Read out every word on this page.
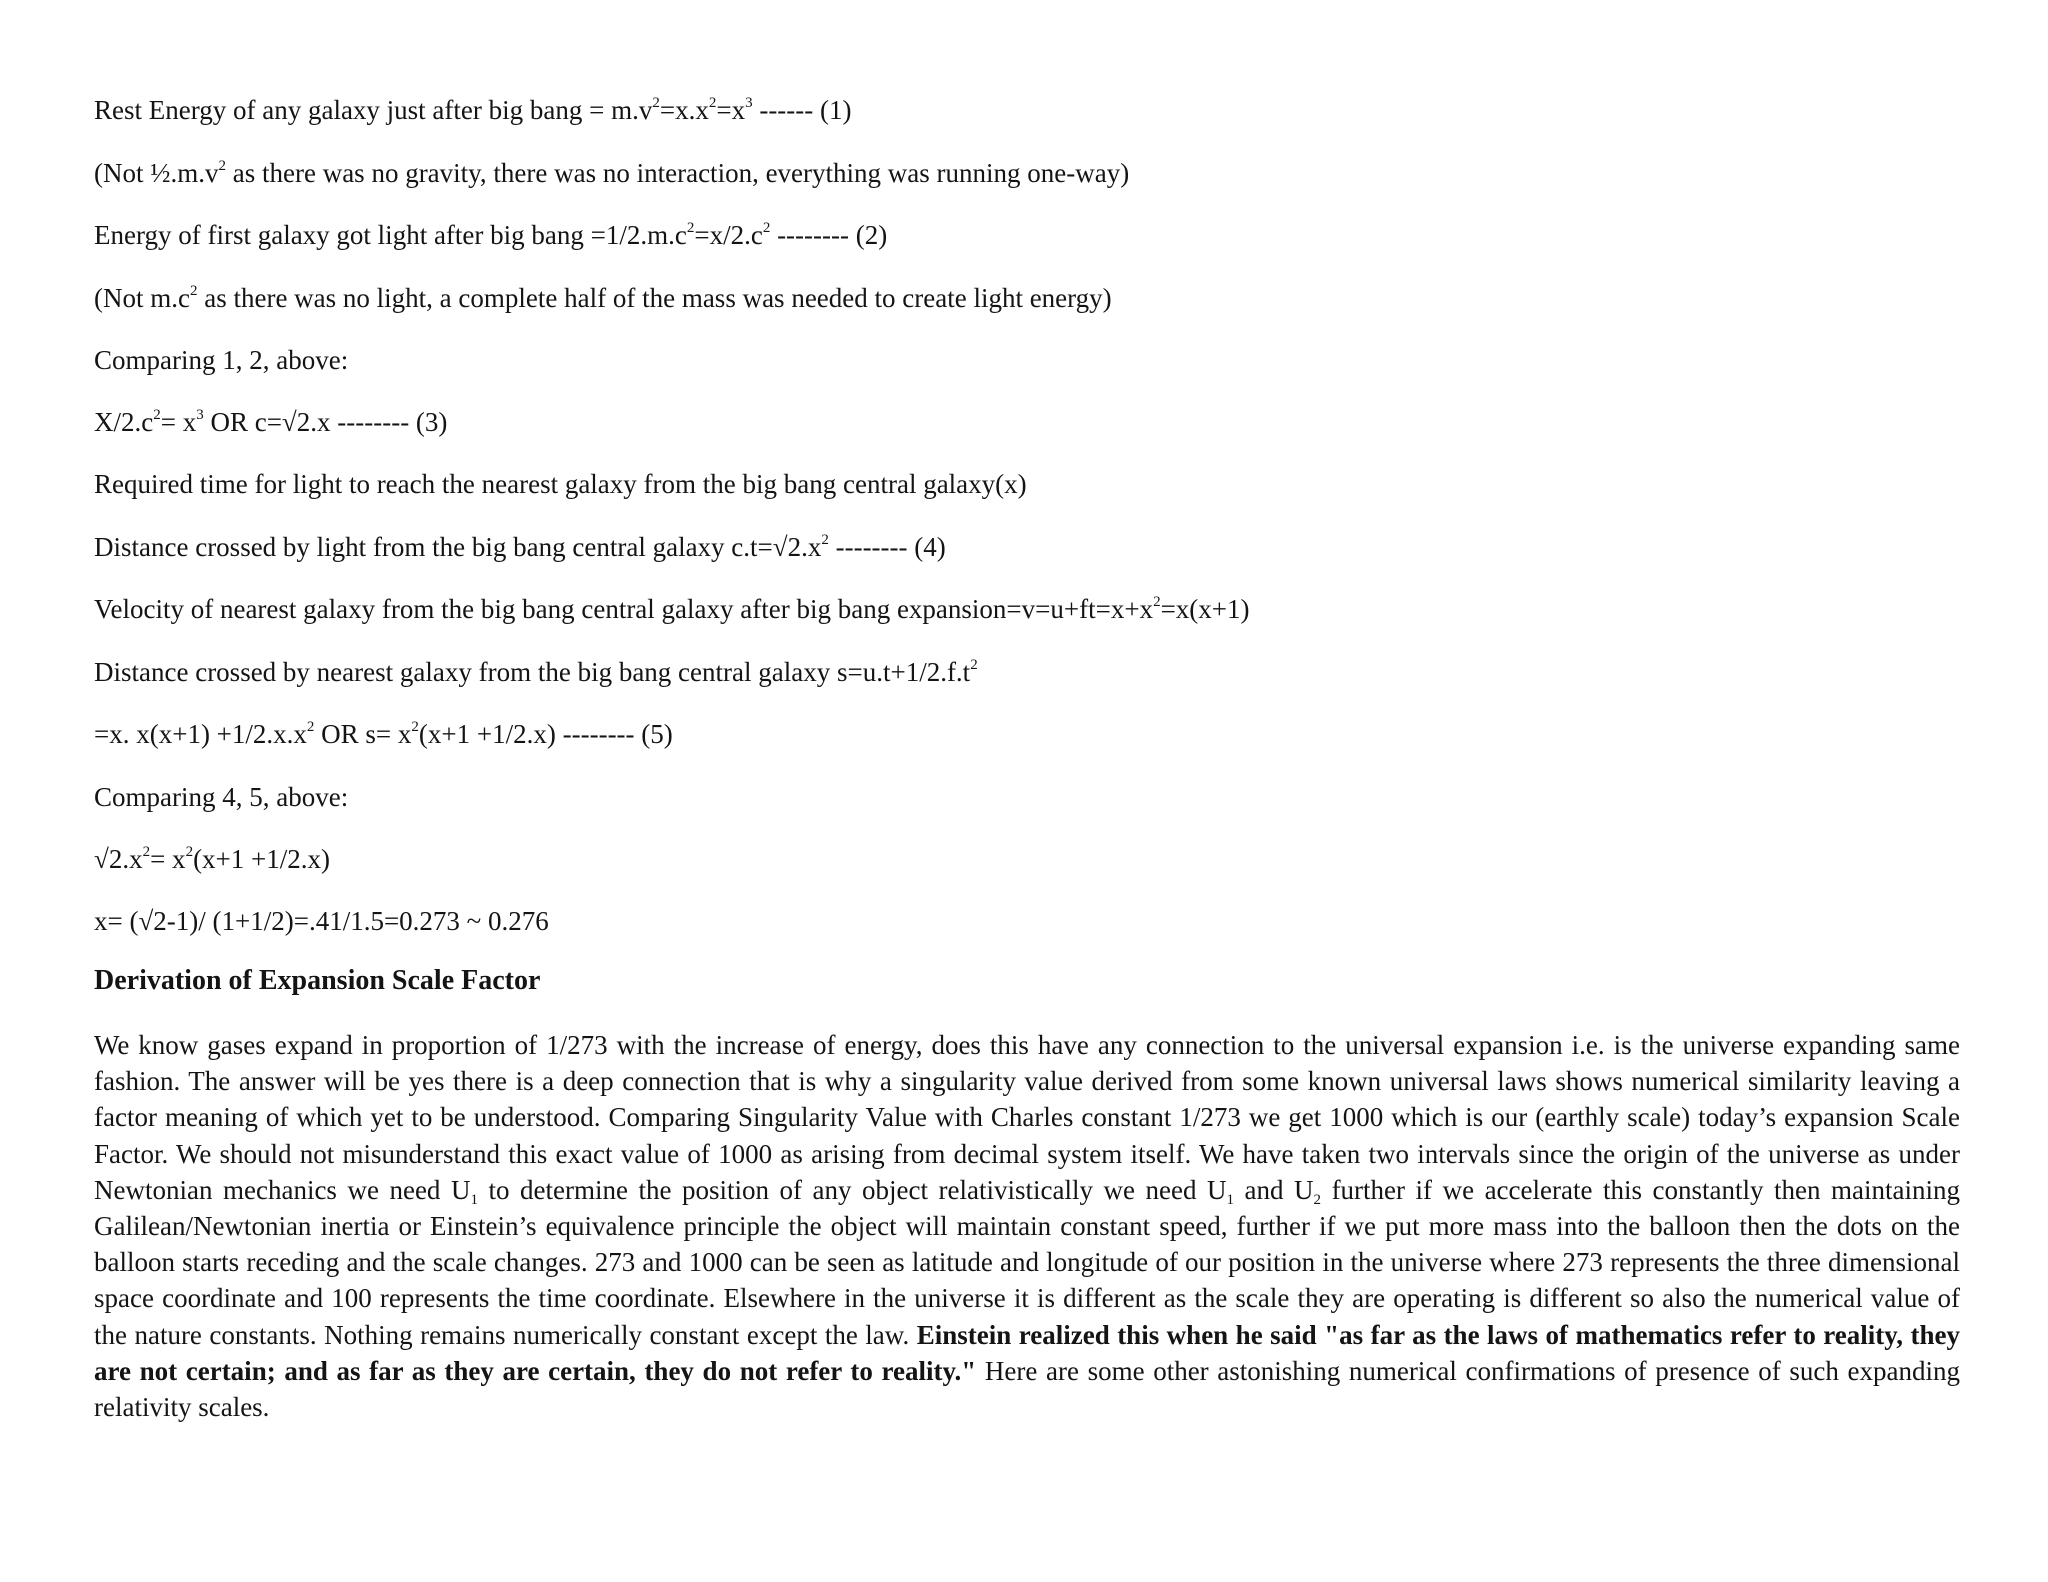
Rest Energy of any galaxy just after big bang = $m.v^2=x.x^2=x^3$ ------ (1)
(Not $\frac{1}{2}.m.v^2$ as there was no gravity, there was no interaction, everything was running one-way)
Energy of first galaxy got light after big bang $=1/2.m.c^2=x/2.c^2$ -------- (2)
(Not $m.c^2$ as there was no light, a complete half of the mass was needed to create light energy)
Comparing 1, 2, above:
$X/2.c^2= x^3$ OR c=√2.x -------- (3)
Required time for light to reach the nearest galaxy from the big bang central galaxy(x)
Distance crossed by light from the big bang central galaxy $c.t=√2.x^2$ -------- (4)
Velocity of nearest galaxy from the big bang central galaxy after big bang $expansion=v=u+ft=x+x^2=x(x+1)$
Distance crossed by nearest galaxy from the big bang central galaxy $s=u.t+1/2.f.t^2$
=x. $x(x+1) +1/2.x.x^2$ OR $s= x^2(x+1 +1/2.x)$ -------- (5)
Comparing 4, 5, above:
$√2.x^2= x^2(x+1 +1/2.x)$
x= (√2-1)/ (1+1/2)=.41/1.5=0.273 ~ 0.276
Derivation of Expansion Scale Factor
We know gases expand in proportion of 1/273 with the increase of energy, does this have any connection to the universal expansion i.e. is the universe expanding same fashion. The answer will be yes there is a deep connection that is why a singularity value derived from some known universal laws shows numerical similarity leaving a factor meaning of which yet to be understood. Comparing Singularity Value with Charles constant 1/273 we get 1000 which is our (earthly scale) today’s expansion Scale Factor. We should not misunderstand this exact value of 1000 as arising from decimal system itself. We have taken two intervals since the origin of the universe as under Newtonian mechanics we need $U_1$ to determine the position of any object relativistically we need $U_1$ and $U_2$ further if we accelerate this constantly then maintaining Galilean/Newtonian inertia or Einstein’s equivalence principle the object will maintain constant speed, further if we put more mass into the balloon then the dots on the balloon starts receding and the scale changes. 273 and 1000 can be seen as latitude and longitude of our position in the universe where 273 represents the three dimensional space coordinate and 100 represents the time coordinate. Elsewhere in the universe it is different as the scale they are operating is different so also the numerical value of the nature constants. Nothing remains numerically constant except the law. Einstein realized this when he said "as far as the laws of mathematics refer to reality, they are not certain; and as far as they are certain, they do not refer to reality." Here are some other astonishing numerical confirmations of presence of such expanding relativity scales.
